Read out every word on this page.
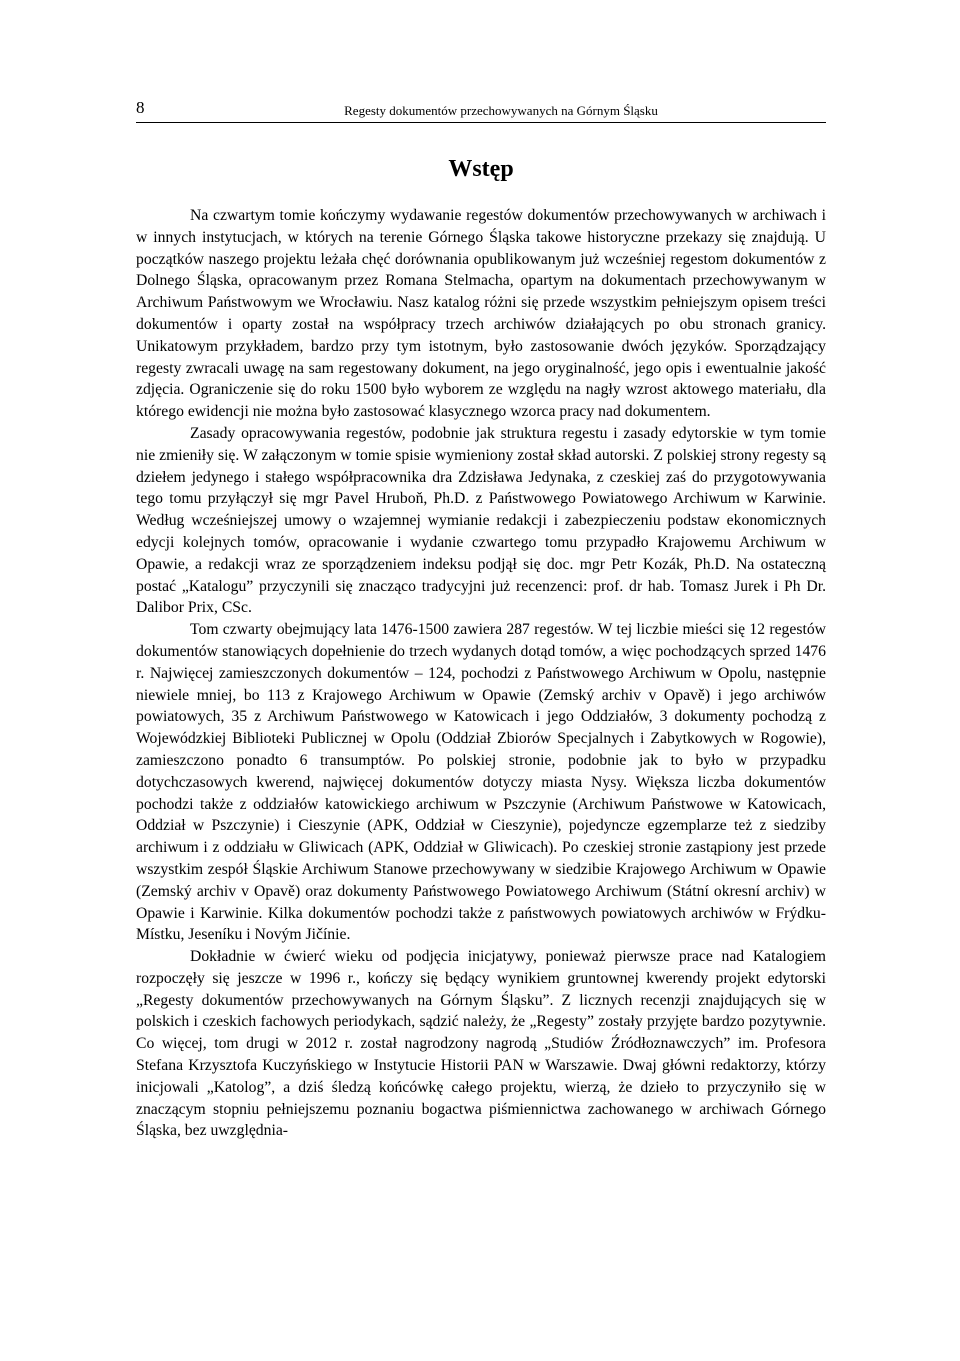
8	Regesty dokumentów przechowywanych na Górnym Śląsku
Wstęp

Na czwartym tomie kończymy wydawanie regestów dokumentów przechowywanych w archiwach i w innych instytucjach, w których na terenie Górnego Śląska takowe historyczne przekazy się znajdują. U początków naszego projektu leżała chęć dorównania opublikowanym już wcześniej regestom dokumentów z Dolnego Śląska, opracowanym przez Romana Stelmacha, opartym na dokumentach przechowywanym w Archiwum Państwowym we Wrocławiu. Nasz katalog różni się przede wszystkim pełniejszym opisem treści dokumentów i oparty został na współpracy trzech archiwów działających po obu stronach granicy. Unikatowym przykładem, bardzo przy tym istotnym, było zastosowanie dwóch języków. Sporządzający regesty zwracali uwagę na sam regestowany dokument, na jego oryginalność, jego opis i ewentualnie jakość zdjęcia. Ograniczenie się do roku 1500 było wyborem ze względu na nagły wzrost aktowego materiału, dla którego ewidencji nie można było zastosować klasycznego wzorca pracy nad dokumentem.

Zasady opracowywania regestów, podobnie jak struktura regestu i zasady edytorskie w tym tomie nie zmieniły się. W załączonym w tomie spisie wymieniony został skład autorski. Z polskiej strony regesty są dziełem jedynego i stałego współpracownika dra Zdzisława Jedynaka, z czeskiej zaś do przygotowywania tego tomu przyłączył się mgr Pavel Hruboň, Ph.D. z Państwowego Powiatowego Archiwum w Karwinie. Według wcześniejszej umowy o wzajemnej wymianie redakcji i zabezpieczeniu podstaw ekonomicznych edycji kolejnych tomów, opracowanie i wydanie czwartego tomu przypadło Krajowemu Archiwum w Opawie, a redakcji wraz ze sporządzeniem indeksu podjął się doc. mgr Petr Kozák, Ph.D. Na ostateczną postać „Katalogu” przyczynili się znacząco tradycyjni już recenzenci: prof. dr hab. Tomasz Jurek i Ph Dr. Dalibor Prix, CSc.

Tom czwarty obejmujący lata 1476-1500 zawiera 287 regestów. W tej liczbie mieści się 12 regestów dokumentów stanowiących dopełnienie do trzech wydanych dotąd tomów, a więc pochodzących sprzed 1476 r. Najwięcej zamieszczonych dokumentów – 124, pochodzi z Państwowego Archiwum w Opolu, następnie niewiele mniej, bo 113 z Krajowego Archiwum w Opawie (Zemský archiv v Opavě) i jego archiwów powiatowych, 35 z Archiwum Państwowego w Katowicach i jego Oddziałów, 3 dokumenty pochodzą z Wojewódzkiej Biblioteki Publicznej w Opolu (Oddział Zbiorów Specjalnych i Zabytkowych w Rogowie), zamieszczono ponadto 6 transumptów. Po polskiej stronie, podobnie jak to było w przypadku dotychczasowych kwerend, najwięcej dokumentów dotyczy miasta Nysy. Większa liczba dokumentów pochodzi także z oddziałów katowickiego archiwum w Pszczynie (Archiwum Państwowe w Katowicach, Oddział w Pszczynie) i Cieszynie (APK, Oddział w Cieszynie), pojedyncze egzemplarze też z siedziby archiwum i z oddziału w Gliwicach (APK, Oddział w Gliwicach). Po czeskiej stronie zastąpiony jest przede wszystkim zespół Śląskie Archiwum Stanowe przechowywany w siedzibie Krajowego Archiwum w Opawie (Zemský archiv v Opavě) oraz dokumenty Państwowego Powiatowego Archiwum (Státní okresní archiv) w Opawie i Karwinie. Kilka dokumentów pochodzi także z państwowych powiatowych archiwów w Frýdku-Místku, Jeseníku i Novým Jičínie.

Dokładnie w ćwierć wieku od podjęcia inicjatywy, ponieważ pierwsze prace nad Katalogiem rozpoczęły się jeszcze w 1996 r., kończy się będący wynikiem gruntownej kwerendy projekt edytorski „Regesty dokumentów przechowywanych na Górnym Śląsku”. Z licznych recenzji znajdujących się w polskich i czeskich fachowych periodykach, sądzić należy, że „Regesty” zostały przyjęte bardzo pozytywnie. Co więcej, tom drugi w 2012 r. został nagrodzony nagrodą „Studiów Źródłoznawczych” im. Profesora Stefana Krzysztofa Kuczyńskiego w Instytucie Historii PAN w Warszawie. Dwaj główni redaktorzy, którzy inicjowali „Katolog”, a dziś śledzą końcówkę całego projektu, wierzą, że dzieło to przyczyniło się w znaczącym stopniu pełniejszemu poznaniu bogactwa piśmiennictwa zachowanego w archiwach Górnego Śląska, bez uwzględnia-
